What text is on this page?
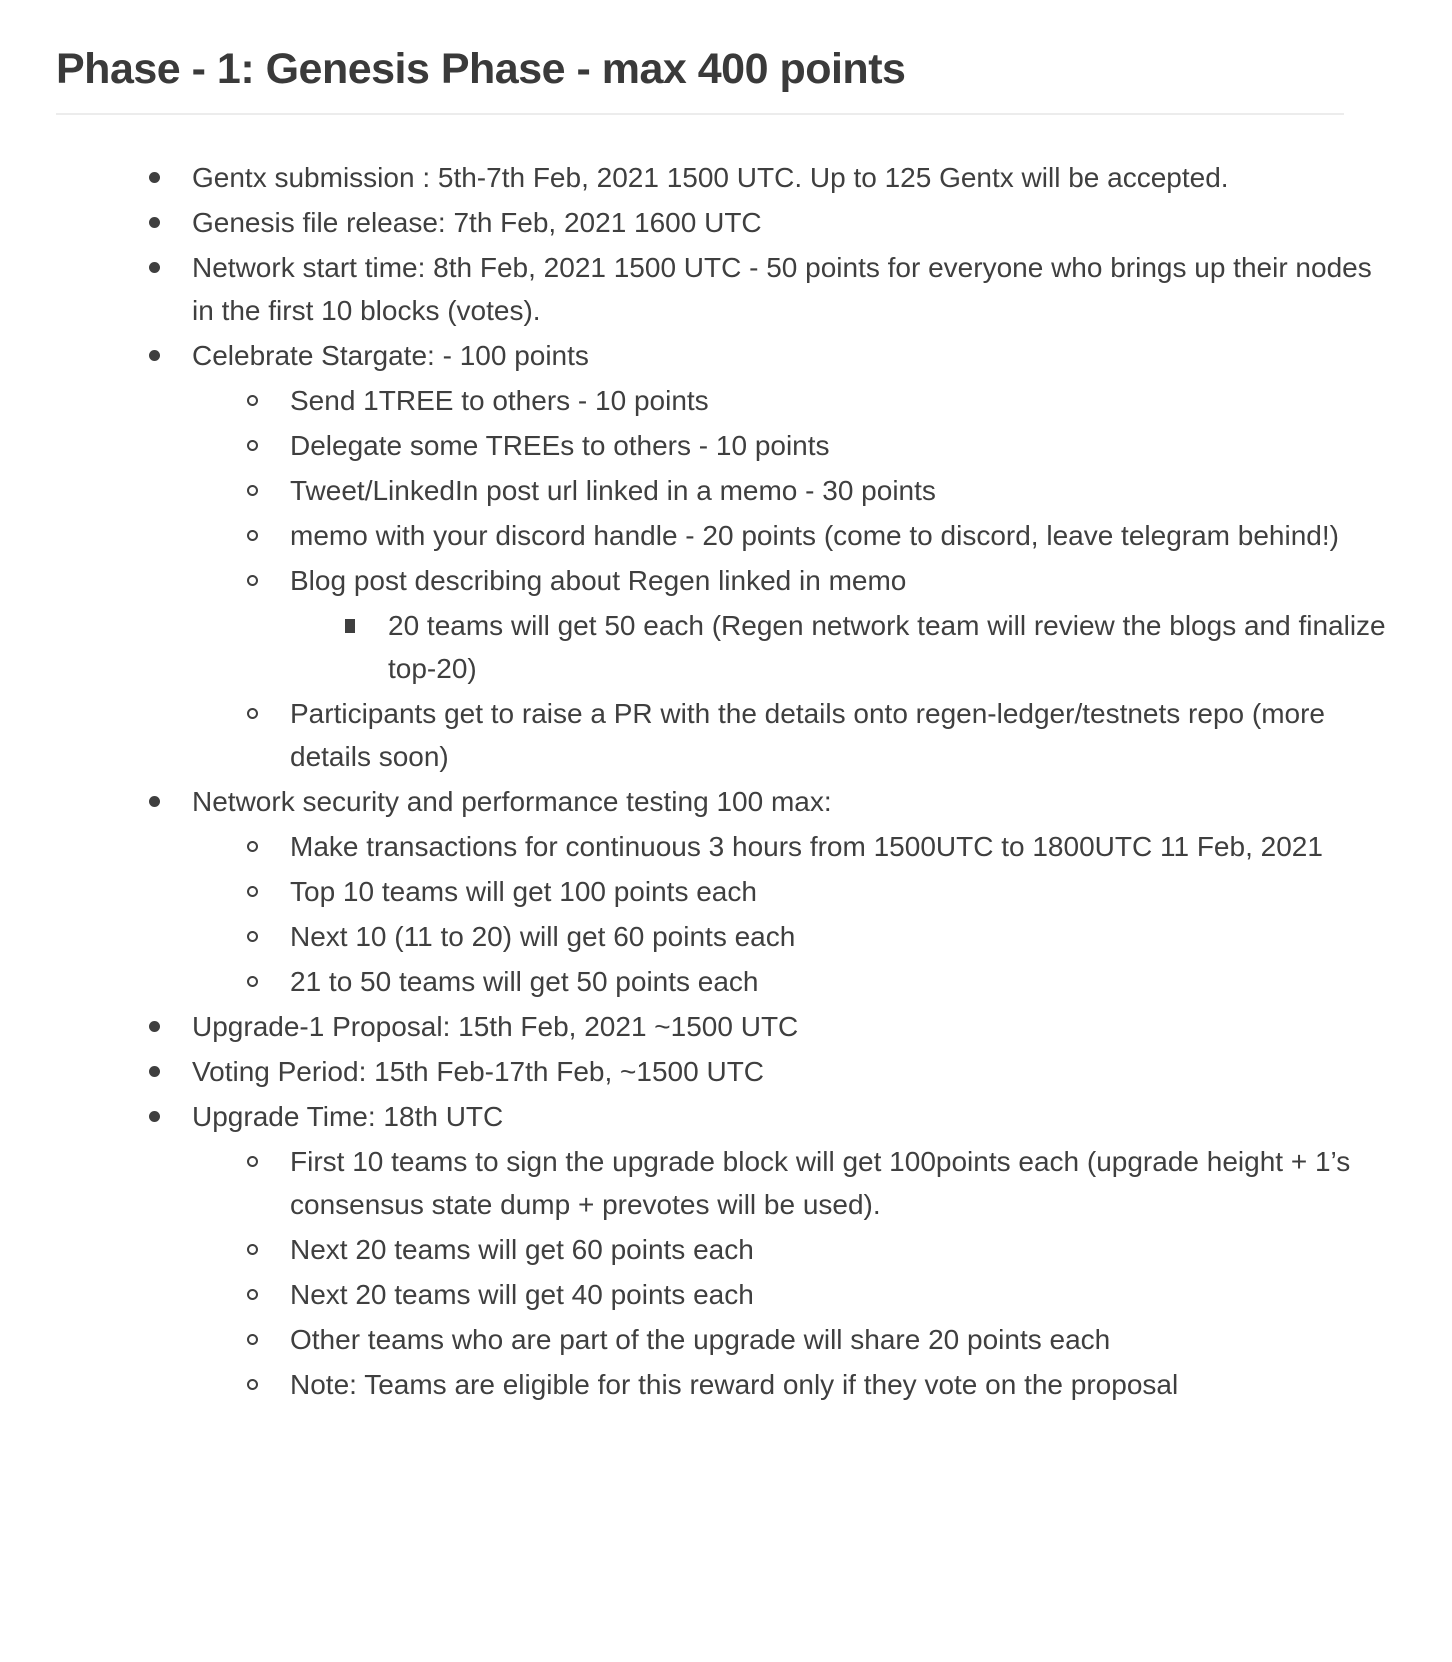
Phase - 1: Genesis Phase - max 400 points
Gentx submission : 5th-7th Feb, 2021 1500 UTC. Up to 125 Gentx will be accepted.
Genesis file release: 7th Feb, 2021 1600 UTC
Network start time: 8th Feb, 2021 1500 UTC - 50 points for everyone who brings up their nodes in the first 10 blocks (votes).
Celebrate Stargate: - 100 points
Send 1TREE to others - 10 points
Delegate some TREEs to others - 10 points
Tweet/LinkedIn post url linked in a memo - 30 points
memo with your discord handle - 20 points (come to discord, leave telegram behind!)
Blog post describing about Regen linked in memo
20 teams will get 50 each (Regen network team will review the blogs and finalize top-20)
Participants get to raise a PR with the details onto regen-ledger/testnets repo (more details soon)
Network security and performance testing 100 max:
Make transactions for continuous 3 hours from 1500UTC to 1800UTC 11 Feb, 2021
Top 10 teams will get 100 points each
Next 10 (11 to 20) will get 60 points each
21 to 50 teams will get 50 points each
Upgrade-1 Proposal: 15th Feb, 2021 ~1500 UTC
Voting Period: 15th Feb-17th Feb, ~1500 UTC
Upgrade Time: 18th UTC
First 10 teams to sign the upgrade block will get 100points each (upgrade height + 1’s consensus state dump + prevotes will be used).
Next 20 teams will get 60 points each
Next 20 teams will get 40 points each
Other teams who are part of the upgrade will share 20 points each
Note: Teams are eligible for this reward only if they vote on the proposal
